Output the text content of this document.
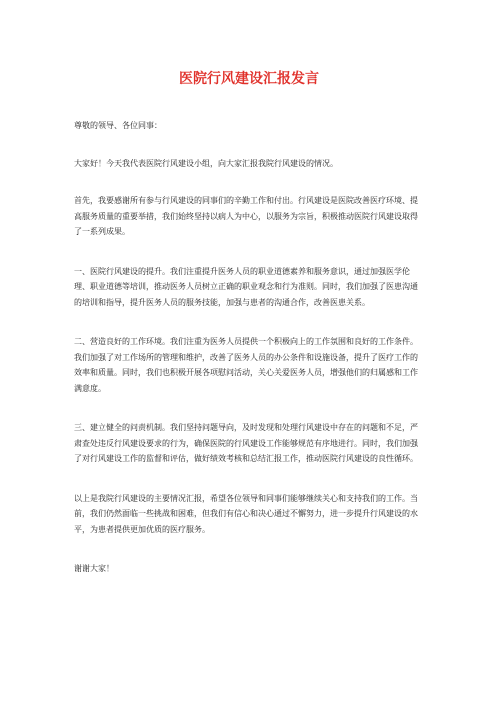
医院行风建设汇报发言
尊敬的领导、各位同事：
大家好！今天我代表医院行风建设小组，向大家汇报我院行风建设的情况。
首先，我要感谢所有参与行风建设的同事们的辛勤工作和付出。行风建设是医院改善医疗环境、提高服务质量的重要举措，我们始终坚持以病人为中心，以服务为宗旨，积极推动医院行风建设取得了一系列成果。
一、医院行风建设的提升。我们注重提升医务人员的职业道德素养和服务意识，通过加强医学伦理、职业道德等培训，推动医务人员树立正确的职业观念和行为准则。同时，我们加强了医患沟通的培训和指导，提升医务人员的服务技能，加强与患者的沟通合作，改善医患关系。
二、营造良好的工作环境。我们注重为医务人员提供一个积极向上的工作氛围和良好的工作条件。我们加强了对工作场所的管理和维护，改善了医务人员的办公条件和设施设备，提升了医疗工作的效率和质量。同时，我们也积极开展各项慰问活动，关心关爱医务人员，增强他们的归属感和工作满意度。
三、建立健全的问责机制。我们坚持问题导向，及时发现和处理行风建设中存在的问题和不足，严肃查处违反行风建设要求的行为，确保医院的行风建设工作能够规范有序地进行。同时，我们加强了对行风建设工作的监督和评估，做好绩效考核和总结汇报工作，推动医院行风建设的良性循环。
以上是我院行风建设的主要情况汇报，希望各位领导和同事们能够继续关心和支持我们的工作。当前，我们仍然面临一些挑战和困难，但我们有信心和决心通过不懈努力，进一步提升行风建设的水平，为患者提供更加优质的医疗服务。
谢谢大家！
